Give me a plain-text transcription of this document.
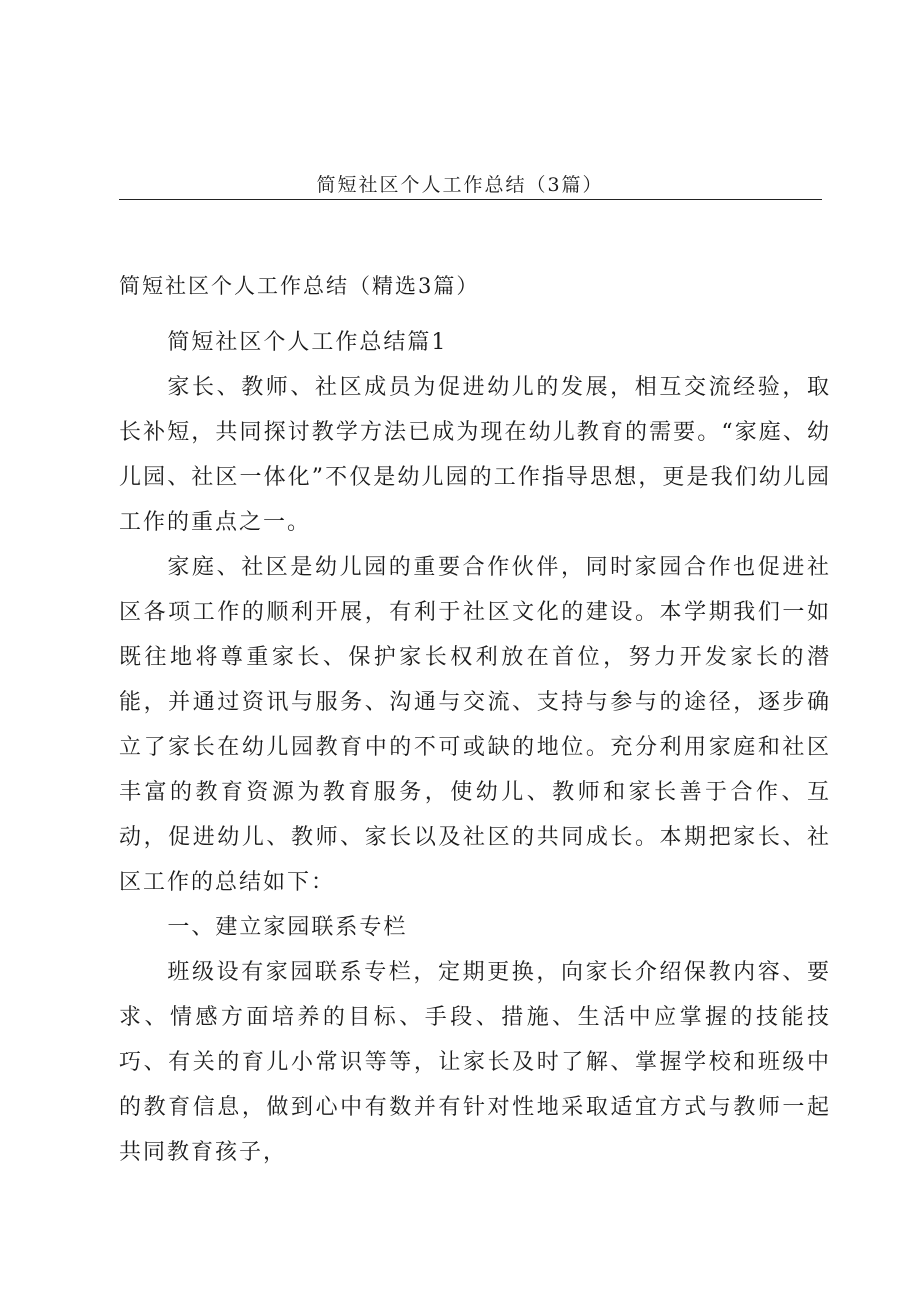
简短社区个人工作总结（3篇）
简短社区个人工作总结（精选3篇）

简短社区个人工作总结篇1

家长、教师、社区成员为促进幼儿的发展，相互交流经验，取长补短，共同探讨教学方法已成为现在幼儿教育的需要。“家庭、幼儿园、社区一体化”不仅是幼儿园的工作指导思想，更是我们幼儿园工作的重点之一。

家庭、社区是幼儿园的重要合作伙伴，同时家园合作也促进社区各项工作的顺利开展，有利于社区文化的建设。本学期我们一如既往地将尊重家长、保护家长权利放在首位，努力开发家长的潜能，并通过资讯与服务、沟通与交流、支持与参与的途径，逐步确立了家长在幼儿园教育中的不可或缺的地位。充分利用家庭和社区丰富的教育资源为教育服务，使幼儿、教师和家长善于合作、互动，促进幼儿、教师、家长以及社区的共同成长。本期把家长、社区工作的总结如下：

一、建立家园联系专栏

班级设有家园联系专栏，定期更换，向家长介绍保教内容、要求、情感方面培养的目标、手段、措施、生活中应掌握的技能技巧、有关的育儿小常识等等，让家长及时了解、掌握学校和班级中的教育信息，做到心中有数并有针对性地采取适宜方式与教师一起共同教育孩子，
